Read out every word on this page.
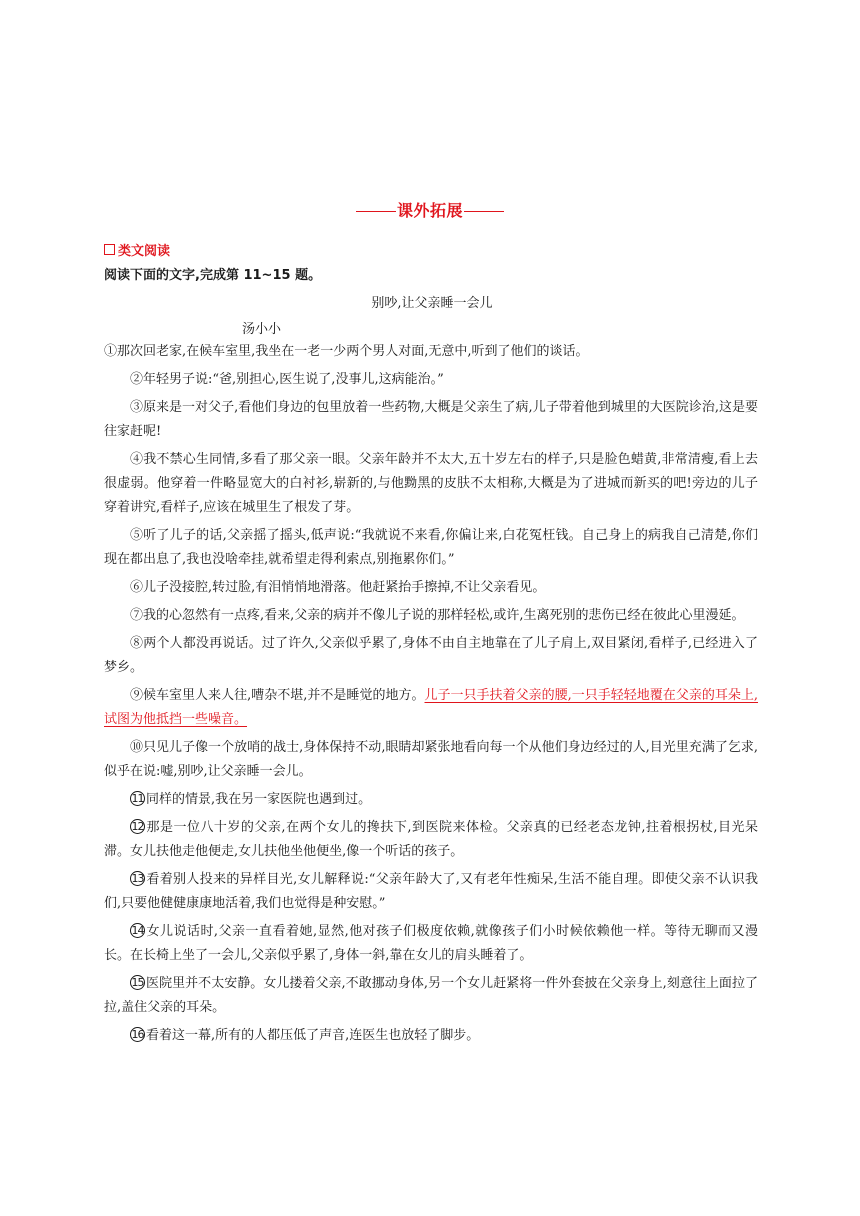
课外拓展
类文阅读
阅读下面的文字,完成第 11~15 题。
别吵,让父亲睡一会儿
汤小小

①那次回老家,在候车室里,我坐在一老一少两个男人对面,无意中,听到了他们的谈话。

②年轻男子说:“爸,别担心,医生说了,没事儿,这病能治。”

③原来是一对父子,看他们身边的包里放着一些药物,大概是父亲生了病,儿子带着他到城里的大医院诊治,这是要往家赶呢!

④我不禁心生同情,多看了那父亲一眼。父亲年龄并不太大,五十岁左右的样子,只是脸色蜡黄,非常清瘦,看上去很虚弱。他穿着一件略显宽大的白衬衫,崭新的,与他黝黑的皮肤不太相称,大概是为了进城而新买的吧!旁边的儿子穿着讲究,看样子,应该在城里生了根发了芽。

⑤听了儿子的话,父亲摇了摇头,低声说:“我就说不来看,你偏让来,白花冤枉钱。自己身上的病我自己清楚,你们现在都出息了,我也没啥牵挂,就希望走得利索点,别拖累你们。”

⑥儿子没接腔,转过脸,有泪悄悄地滑落。他赶紧抬手擦掉,不让父亲看见。

⑦我的心忽然有一点疼,看来,父亲的病并不像儿子说的那样轻松,或许,生离死别的悲伤已经在彼此心里漫延。

⑧两个人都没再说话。过了许久,父亲似乎累了,身体不由自主地靠在了儿子肩上,双目紧闭,看样子,已经进入了梦乡。

⑨候车室里人来人往,嘈杂不堪,并不是睡觉的地方。儿子一只手扶着父亲的腰,一只手轻轻地覆在父亲的耳朵上,试图为他抵挡一些噪音。

⑩只见儿子像一个放哨的战士,身体保持不动,眼睛却紧张地看向每一个从他们身边经过的人,目光里充满了乞求,似乎在说:嘘,别吵,让父亲睡一会儿。

11 同样的情景,我在另一家医院也遇到过。

12 那是一位八十岁的父亲,在两个女儿的搀扶下,到医院来体检。父亲真的已经老态龙钟,拄着根拐杖,目光呆滞。女儿扶他走他便走,女儿扶他坐他便坐,像一个听话的孩子。

13 看着别人投来的异样目光,女儿解释说:“父亲年龄大了,又有老年性痴呆,生活不能自理。即使父亲不认识我们,只要他健健康康地活着,我们也觉得是种安慰。”

14 女儿说话时,父亲一直看着她,显然,他对孩子们极度依赖,就像孩子们小时候依赖他一样。等待无聊而又漫长。在长椅上坐了一会儿,父亲似乎累了,身体一斜,靠在女儿的肩头睡着了。

15 医院里并不太安静。女儿搂着父亲,不敢挪动身体,另一个女儿赶紧将一件外套披在父亲身上,刻意往上面拉了拉,盖住父亲的耳朵。

16 看着这一幕,所有的人都压低了声音,连医生也放轻了脚步。
